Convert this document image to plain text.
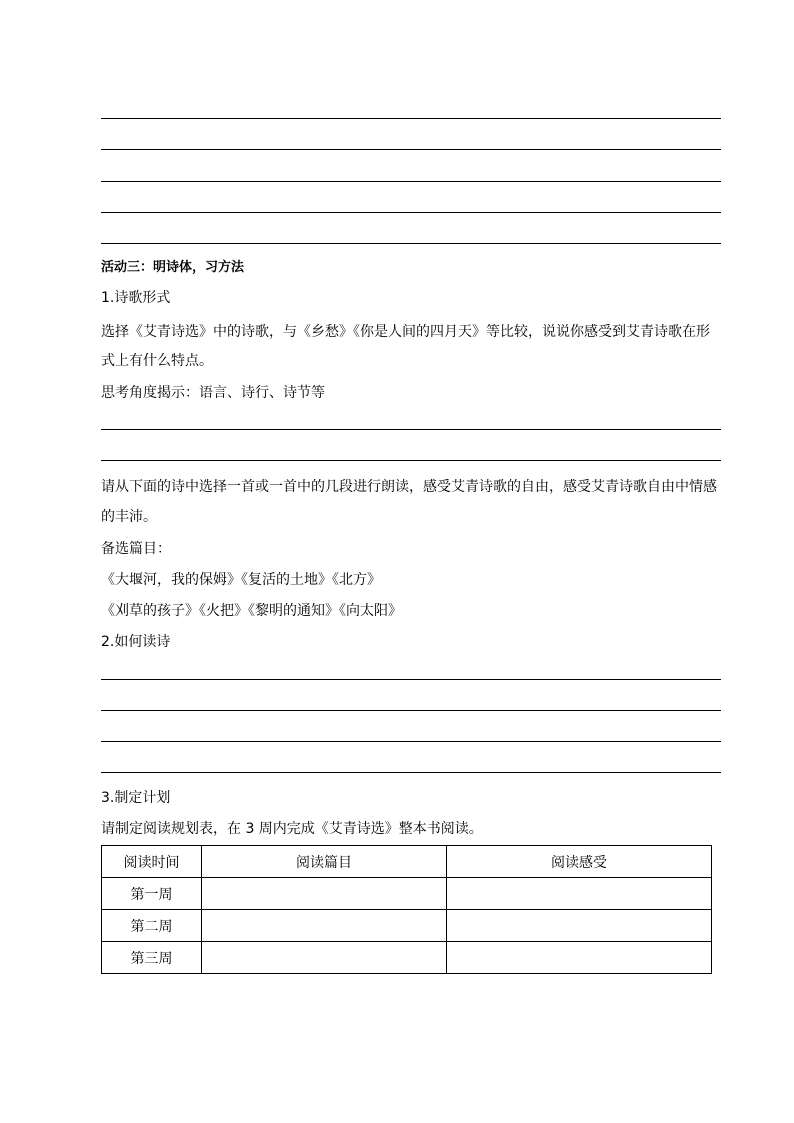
活动三：明诗体，习方法
1.诗歌形式
选择《艾青诗选》中的诗歌，与《乡愁》《你是人间的四月天》等比较，说说你感受到艾青诗歌在形
式上有什么特点。
思考角度揭示：语言、诗行、诗节等
请从下面的诗中选择一首或一首中的几段进行朗读，感受艾青诗歌的自由，感受艾青诗歌自由中情感
的丰沛。
备选篇目：
《大堰河，我的保姆》《复活的土地》《北方》
《刈草的孩子》《火把》《黎明的通知》《向太阳》
2.如何读诗
3.制定计划
请制定阅读规划表，在 3 周内完成《艾青诗选》整本书阅读。
阅读时间	阅读篇目	阅读感受
第一周		
第二周		
第三周		
